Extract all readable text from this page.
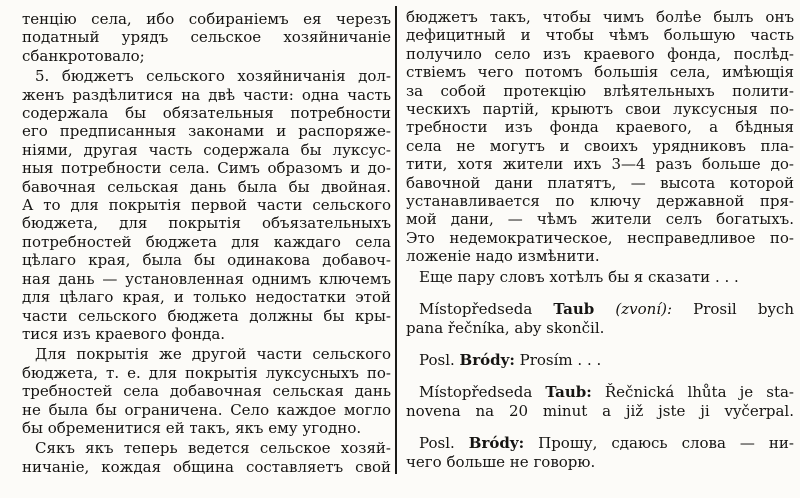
тенцію села, ибо собираніемъ ея черезъ
податный урядъ сельское хозяйничаніе
сбанкротовало;
5. бюджетъ сельского хозяйничанія дол-
женъ раздѣлитися на двѣ части: одна часть
содержала бы обязательныя потребности
его предписанныя законами и распоряже-
ніями, другая часть содержала бы луксус-
ныя потребности села. Симъ образомъ и до-
бавочная сельская дань была бы двойная.
А то для покрытія первой части сельского
бюджета, для покрытія объязательныхъ
потребностей бюджета для каждаго села
цѣлаго края, была бы одинакова добавоч-
ная дань — установленная однимъ ключемъ
для цѣлаго края, и только недостатки этой
части сельского бюджета должны бы кры-
тися изъ краевого фонда.
Для покрытія же другой части сельского
бюджета, т. е. для покрытія луксусныхъ по-
требностей села добавочная сельская дань
не была бы ограничена. Село каждое могло
бы обременитися ей такъ, якъ ему угодно.
Сякъ якъ теперь ведется сельское хозяй-
ничаніе, кождая община составляетъ свой
бюджетъ такъ, чтобы чимъ болѣе былъ онъ
дефицитный и чтобы чѣмъ большую часть
получило село изъ краевого фонда, послѣд-
ствіемъ чего потомъ большія села, имѣющія
за собой протекцію влѣятельныхъ полити-
ческихъ партій, крыютъ свои луксусныя по-
требности изъ фонда краевого, а бѣдныя
села не могутъ и своихъ урядниковъ пла-
тити, хотя жители ихъ 3—4 разъ больше до-
бавочной дани платятъ, — высота которой
устанавливается по ключу державной пря-
мой дани, — чѣмъ жители селъ богатыхъ.
Это недемократическое, несправедливое по-
ложеніе надо измѣнити.
Еще пару словъ хотѣлъ бы я сказати . . .
Místopředseda Taub (zvoní): Prosil bych
pana řečníka, aby skončil.
Posl. Bródy: Prosím . . .
Místopředseda Taub: Řečnická lhůta je sta-
novena na 20 minut a již jste ji vyčerpal.
Posl. Bródy: Прошу, сдаюсь слова — ни-
чего больше не говорю.
